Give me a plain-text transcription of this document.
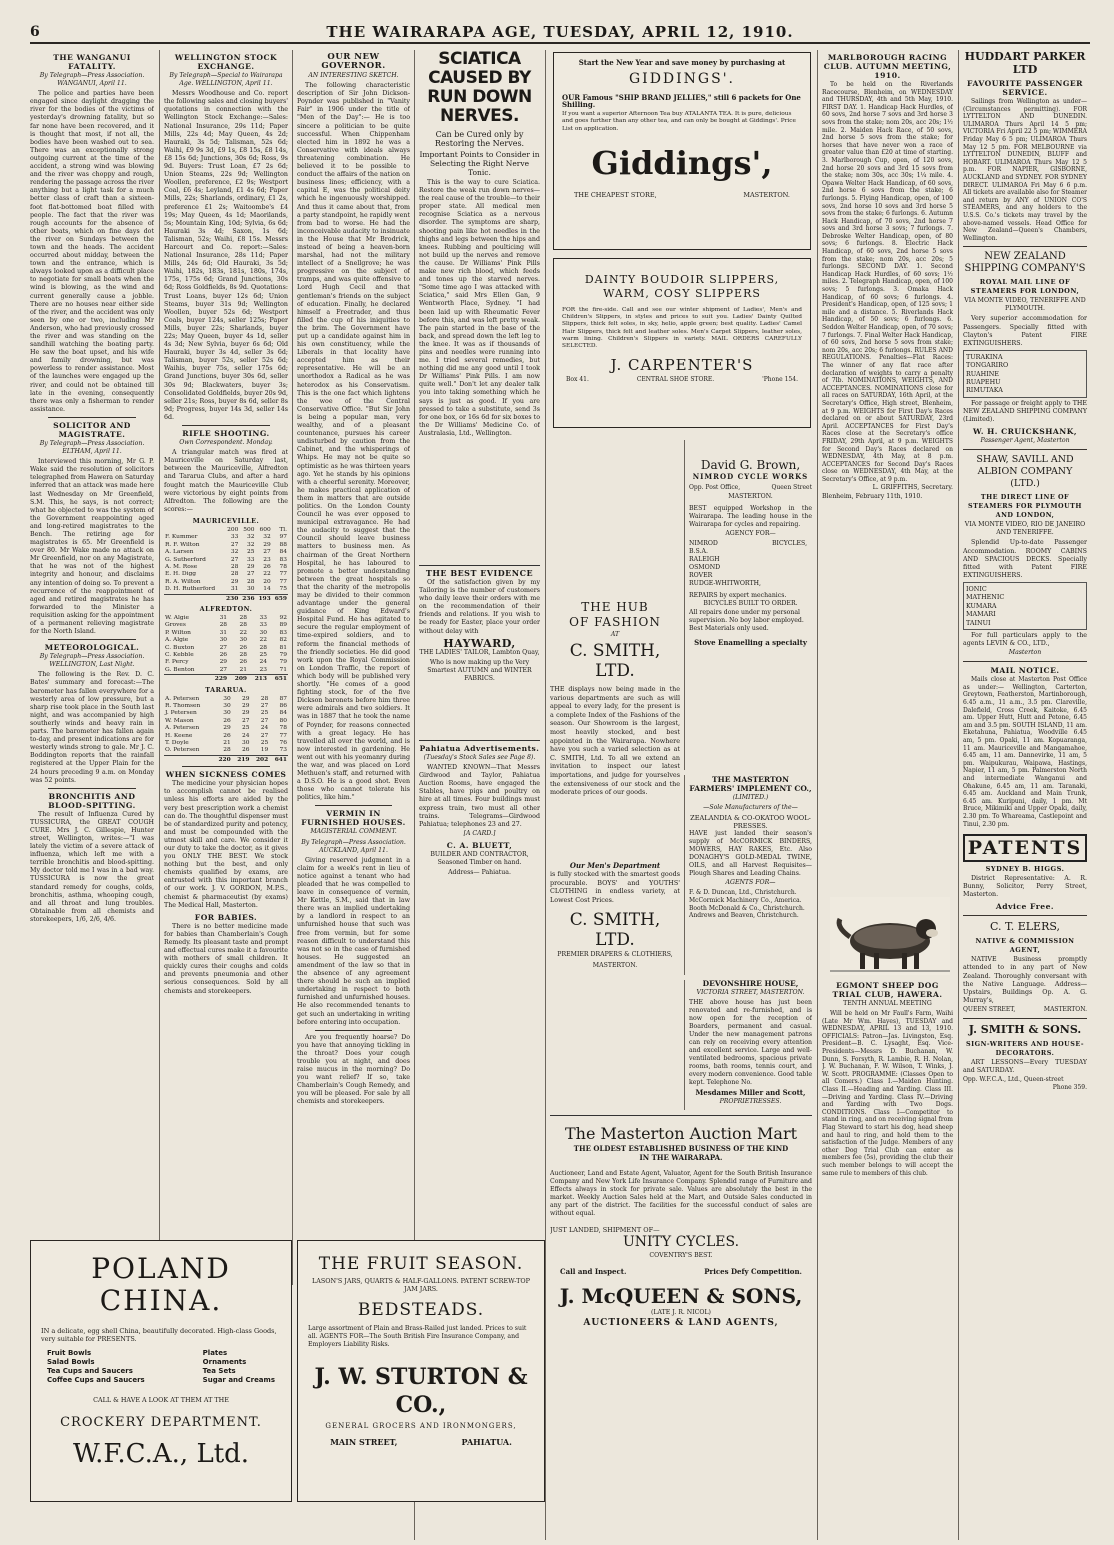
6	THE WAIRARAPA AGE, TUESDAY, APRIL 12, 1910.
THE WANGANUI FATALITY.
By Telegraph—Press Association. WANGANUI, April 11.
The police and parties have been engaged since daylight dragging the river for the bodies of the victims of yesterday's drowning fatality, but so far none have been recovered, and it is thought that most, if not all, the bodies have been washed out to sea. There was an exceptionally strong outgoing current at the time of the accident, a strong wind was blowing and the river was choppy and rough, rendering the passage across the river anything but a light task for a much better class of craft than a sixteen-foot flat-bottomed boat filled with people. The fact that the river was rough accounts for the absence of other boats, which on fine days dot the river on Sundays between the town and the heads. The accident occurred about midday, between the town and the entrance, which is always looked upon as a difficult place to negotiate for small boats when the wind is blowing, as the wind and current generally cause a jobble. There are no houses near either side of the river, and the accident was only seen by one or two, including Mr Anderson, who had previously crossed the river and was standing on the sandhill watching the boating party. He saw the boat upset, and his wife and family drowning, but was powerless to render assistance. Most of the launches were engaged up the river, and could not be obtained till late in the evening, consequently there was only a fisherman to render assistance.
SOLICITOR AND MAGISTRATE.
By Telegraph—Press Association. ELTHAM, April 11.
Interviewed this morning, Mr G. P. Wake said the resolution of solicitors telegraphed from Hawera on Saturday inferred that an attack was made here last Wednesday on Mr Greenfield, S.M. This, he says, is not correct; what he objected to was the system of the Government reappointing aged and long-retired magistrates to the Bench. The retiring age for magistrates is 65. Mr Greenfield is over 80. Mr Wake made no attack on Mr Greenfield, nor on any Magistrate, that he was not of the highest integrity and honour, and disclaims any intention of doing so. To prevent a recurrence of the reappointment of aged and retired magistrates he has forwarded to the Minister a requisition asking for the appointment of a permanent relieving magistrate for the North Island.
METEOROLOGICAL.
By Telegraph—Press Association. WELLINGTON, Last Night.
The following is the Rev. D. C. Bates' summary and forecast:—The barometer has fallen everywhere for a westerly area of low pressure, but a sharp rise took place in the South last night, and was accompanied by high southerly winds and heavy rain in parts. The barometer has fallen again to-day, and present indications are for westerly winds strong to gale. Mr J. C. Boddington reports that the rainfall registered at the Upper Plain for the 24 hours preceding 9 a.m. on Monday was 52 points.
BRONCHITIS AND BLOOD-SPITTING.
The result of Influenza Cured by TUSSICURA, the GREAT COUGH CURE. Mrs J. C. Gillespie, Hunter street, Wellington, writes:—"I was lately the victim of a severe attack of influenza, which left me with a terrible bronchitis and blood-spitting. My doctor told me I was in a bad way. TUSSICURA is now the great standard remedy for coughs, colds, bronchitis, asthma, whooping cough, and all throat and lung troubles. Obtainable from all chemists and storekeepers, 1/6, 2/6, 4/6.
WELLINGTON STOCK EXCHANGE.
By Telegraph—Special to Wairarapa Age. WELLINGTON, April 11.
Messrs Woodhouse and Co. report the following sales and closing buyers' quotations in connection with the Wellington Stock Exchange:—Sales: National Insurance, 29s 11d; Paper Mills, 22s 4d; May Queen, 4s 2d; Hauraki, 3s 5d; Talisman, 52s 6d; Waihi, £9 9s 3d, £9 1s, £8 15s, £8 14s, £8 15s 6d; Junctions, 30s 6d; Ross, 9s 9d. Buyers: Trust Loan, £7 2s 6d; Union Steams, 22s 9d; Wellington Woollen, preference, £2 9s; Westport Coal, £6 4s; Leyland, £1 4s 6d; Paper Mills, 22s; Sharlands, ordinary, £1 2s, preference £1 2s; Waitoombe's £4 19s; May Queen, 4s 1d; Maorilands, 5s; Mountain King, 10d; Sylvia, 6s 6d; Hauraki 3s 4d; Saxon, 1s 6d; Talisman, 52s; Waihi, £8 15s. Messrs Harcourt and Co. report:—Sales: National Insurance, 28s 11d; Paper Mills, 24s 6d; Old Hauraki, 3s 5d; Waihi, 182s, 183s, 181s, 180s, 174s, 175s, 175s 6d; Grand Junctions, 30s 6d; Ross Goldfields, 8s 9d. Quotations: Trust Loans, buyer 12s 6d; Union Steams, buyer 31s 9d; Wellington Woollen, buyer 52s 6d; Westport Coals, buyer 124s, seller 125s; Paper Mills, buyer 22s; Sharlands, buyer 22s; May Queen, buyer 4s 1d, seller 4s 3d; New Sylvia, buyer 6s 6d; Old Hauraki, buyer 3s 4d, seller 3s 6d; Talisman, buyer 52s, seller 52s 6d; Waihis, buyer 75s, seller 175s 6d; Grand Junctions, buyer 30s 6d, seller 30s 9d; Blackwaters, buyer 3s; Consolidated Goldfields, buyer 20s 9d, seller 21s; Ross, buyer 8s 6d, seller 8s 9d; Progress, buyer 14s 3d, seller 14s 6d.
RIFLE SHOOTING.
Own Correspondent. Monday.
A triangular match was fired at Mauriceville on Saturday last, between the Mauriceville, Alfredton and Tararua Clubs, and after a hard fought match the Mauriceville Club were victorious by eight points from Alfredton. The following are the scores:—
MAURICEVILLE.
	200	500	600	Tl.
F. Kummer	33	32	32	97
R. F. Wilton	27	32	29	88
A. Larsen	32	25	27	84
G. Sutherford	27	33	23	83
A. M. Rose	28	29	26	78
E. H. Digg	28	27	22	77
R. A. Wilton	29	28	20	77
D. H. Rutherford	31	30	14	75
	230	236	193	659
ALFREDTON.
W. Algie	31	28	33	92
Groves	28	28	33	89
P. Wilton	31	22	30	83
A. Algie	30	30	22	82
C. Buxton	27	26	28	81
C. Kebble	26	28	25	79
F. Percy	29	26	24	79
G. Benton	27	21	23	71
	229	209	213	651
TARARUA.
A. Petersen	30	29	28	87
R. Thomsen	30	29	27	86
J. Petersen	30	29	25	84
W. Mason	26	27	27	80
A. Petersen	29	25	24	78
H. Keene	26	24	27	77
T. Doyle	21	30	25	76
O. Petersen	28	26	19	73
	220	219	202	641
WHEN SICKNESS COMES
The medicine your physician hopes to accomplish cannot be realised unless his efforts are aided by the very best prescription work a chemist can do. The thoughtful dispenser must be of standardized purity and potency, and must be compounded with the utmost skill and care. We consider it our duty to take the doctor, as it gives you ONLY THE BEST. We stock nothing but the best, and only chemists qualified by exams, are entrusted with this important branch of our work. J. V. GORDON, M.P.S., chemist & pharmaceutist (by exams) The Medical Hall, Masterton.
FOR BABIES.
There is no better medicine made for babies than Chamberlain's Cough Remedy. Its pleasant taste and prompt and effectual cures make it a favourite with mothers of small children. It quickly cures their coughs and colds and prevents pneumonia and other serious consequences. Sold by all chemists and storekeepers.
OUR NEW GOVERNOR.
AN INTERESTING SKETCH.
The following characteristic description of Sir John Dickson-Poynder was published in "Vanity Fair" in 1906 under the title of "Men of the Day":— He is too sincere a politician to be quite successful. When Chippenham elected him in 1892 he was a Conservative with ideals always threatening combination. He believed it to be possible to conduct the affairs of the nation on business lines; efficiency, with a capital E, was the political deity which he ingenuously worshipped. And thus it came about that, from a party standpoint, he rapidly went from bad to worse. He had the inconceivable audacity to insinuate in the House that Mr Brodrick, instead of being a heaven-born marshal, had not the military intellect of a Snellgrove; he was progressive on the subject of tramps, and was quite offensive to Lord Hugh Cecil and that gentleman's friends on the subject of education. Finally, he declared himself a Freetrader, and thus filled the cup of his iniquities to the brim. The Government have put up a candidate against him in his own constituency, while the Liberals in that locality have accepted him as their representative. He will be an unorthodox a Radical as he was heterodox as his Conservatism. This is the one fact which lightens the woe of the Central Conservative Office. "But Sir John is being a popular man, very wealthy, and of a pleasant countenance, pursues his career undisturbed by caution from the Cabinet, and the whisperings of Whips. He may not be quite so optimistic as he was thirteen years ago. Yet he stands by his opinions with a cheerful serenity. Moreover, he makes practical application of them in matters that are outside politics. On the London County Council he was ever opposed to municipal extravagance. He had the audacity to suggest that the Council should leave business matters to business men. As chairman of the Great Northern Hospital, he has laboured to promote a better understanding between the great hospitals so that the charity of the metropolis may be divided to their common advantage under the general guidance of King Edward's Hospital Fund. He has agitated to secure the regular employment of time-expired soldiers, and to reform the financial methods of the friendly societies. He did good work upon the Royal Commission on London Traffic, the report of which body will be published very shortly. "He comes of a good fighting stock, for of the five Dickson baronets before him three were admirals and two soldiers. It was in 1887 that he took the name of Poynder, for reasons connected with a great legacy. He has travelled all over the world, and is now interested in gardening. He went out with his yeomanry during the war, and was placed on Lord Methuen's staff, and returned with a D.S.O. He is a good shot. Even those who cannot tolerate his politics, like him."
VERMIN IN FURNISHED HOUSES.
MAGISTERIAL COMMENT.
By Telegraph—Press Association. AUCKLAND, April 11.
Giving reserved judgment in a claim for a week's rent in lieu of notice against a tenant who had pleaded that he was compelled to leave in consequence of vermin, Mr Kettle, S.M., said that in law there was an implied undertaking by a landlord in respect to an unfurnished house that such was free from vermin, but for some reason difficult to understand this was not so in the case of furnished houses. He suggested an amendment of the law so that in the absence of any agreement there should be such an implied undertaking in respect to both furnished and unfurnished houses. He also recommended tenants to get such an undertaking in writing before entering into occupation.
Are you frequently hoarse? Do you have that annoying tickling in the throat? Does your cough trouble you at night, and does raise mucus in the morning? Do you want relief? If so, take Chamberlain's Cough Remedy, and you will be pleased. For sale by all chemists and storekeepers.
SCIATICA CAUSED BY RUN DOWN NERVES.
Can be Cured only by Restoring the Nerves.
Important Points to Consider in Selecting the Right Nerve Tonic.
This is the way to cure Sciatica. Restore the weak run down nerves—the real cause of the trouble—to their proper state. All medical men recognise Sciatica as a nervous disorder. The symptoms are sharp, shooting pain like hot needles in the thighs and legs between the hips and knees. Rubbing and poulticing will not build up the nerves and remove the cause. Dr Williams' Pink Pills make new rich blood, which feeds and tones up the starved nerves. "Some time ago I was attacked with Sciatica," said Mrs Ellen Gan, 9 Wentworth Place, Sydney. "I had been laid up with Rheumatic Fever before this, and was left pretty weak. The pain started in the base of the back, and spread down the left leg to the knee. It was as if thousands of pins and needles were running into me. I tried several remedies, but nothing did me any good until I took Dr Williams' Pink Pills. I am now quite well." Don't let any dealer talk you into taking something which he says is just as good. If you are pressed to take a substitute, send 3s for one box, or 16s 6d for six boxes to the Dr Williams' Medicine Co. of Australasia, Ltd., Wellington.
THE BEST EVIDENCE
Of the satisfaction given by my Tailoring is the number of customers who daily leave their orders with me on the recommendation of their friends and relations. If you wish to be ready for Easter, place your order without delay with
HAYWARD,
THE LADIES' TAILOR, Lambton Quay,
Who is now making up the Very Smartest AUTUMN and WINTER FABRICS.
Pahiatua Advertisements.
(Tuesday's Stock Sales see Page 8).
WANTED KNOWN—That Messrs Girdwood and Taylor, Pahiatua Auction Rooms, have engaged the Stables, have pigs and poultry on hire at all times. Four buildings must express train, two must all other trains. Telegrams—Girdwood Pahiatua; telephones 23 and 27.
[A CARD.]
C. A. BLUETT,
BUILDER AND CONTRACTOR, Seasoned Timber on hand.
Address— Pahiatua.
Start the New Year and save money by purchasing at
GIDDINGS'.
OUR Famous "SHIP BRAND JELLIES," still 6 packets for One Shilling.
If you want a superior Afternoon Tea buy ATALANTA TEA. It is pure, delicious and goes further than any other tea, and can only be bought at Giddings'. Price List on application.
Giddings',
THE CHEAPEST STORE,	MASTERTON.
DAINTY BOUDOIR SLIPPERS, WARM, COSY SLIPPERS
FOR the fire-side. Call and see our winter shipment of Ladies', Men's and Children's Slippers, in styles and prices to suit you. Ladies' Dainty Quilted Slippers, thick felt soles, in sky, helio, apple green; best quality. Ladies' Camel Hair Slippers, thick felt and leather soles. Men's Carpet Slippers, leather soles, warm lining. Children's Slippers in variety. MAIL ORDERS CAREFULLY SELECTED.
J. CARPENTER'S
Box 41.	CENTRAL SHOE STORE.	'Phone 154.
THE HUB
OF FASHION
AT
C. SMITH, LTD.
THE displays now being made in the various departments are such as will appeal to every lady, for the present is a complete Index of the Fashions of the season. Our Showroom is the largest, most heavily stocked, and best appointed in the Wairarapa. Nowhere have you such a varied selection as at C. SMITH, Ltd. To all we extend an invitation to inspect our latest importations, and judge for yourselves the extensiveness of our stock and the moderate prices of our goods.
Our Men's Department
is fully stocked with the smartest goods procurable. BOYS' and YOUTHS' CLOTHING in endless variety, at Lowest Cost Prices.
C. SMITH, LTD.
PREMIER DRAPERS & CLOTHIERS,
MASTERTON.
David G. Brown,
NIMROD CYCLE WORKS
Opp. Post Office,	Queen Street
MASTERTON.
BEST equipped Workshop in the Wairarapa. The leading house in the Wairarapa for cycles and repairing.
AGENCY FOR—
NIMROD
B.S.A.
RALEIGH
OSMOND
ROVER
RUDGE-WHITWORTH,
BICYCLES,
REPAIRS by expert mechanics.
BICYCLES BUILT TO ORDER.
All repairs done under my personal supervision. No boy labor employed. Best Materials only used.
Stove Enamelling a specialty
THE MASTERTON FARMERS' IMPLEMENT CO.,
(LIMITED.)
—Sole Manufacturers of the—
ZEALANDIA & CO-OKATOO WOOL-PRESSES.
HAVE just landed their season's supply of McCORMICK BINDERS, MOWERS, HAY RAKES, Etc. Also DONAGHY'S GOLD-MEDAL TWINE, OILS, and all Harvest Requisites—Plough Shares and Leading Chains.
AGENTS FOR—
F. & D. Duncan, Ltd., Christchurch. McCormick Machinery Co., America. Booth McDonald & Co., Christchurch. Andrews and Beaven, Christchurch.
DEVONSHIRE HOUSE,
VICTORIA STREET, MASTERTON.
THE above house has just been renovated and re-furnished, and is now open for the reception of Boarders, permanent and casual. Under the new management patrons can rely on receiving every attention and excellent service. Large and well-ventilated bedrooms, spacious private rooms, bath rooms, tennis court, and every modern convenience. Good table kept. Telephone No.
Mesdames Miller and Scott,
PROPRIETRESSES.
The Masterton Auction Mart
THE OLDEST ESTABLISHED BUSINESS OF THE KIND IN THE WAIRARAPA.
Auctioneer, Land and Estate Agent, Valuator, Agent for the South British Insurance Company and New York Life Insurance Company. Splendid range of Furniture and Effects always in stock for private sale. Values are absolutely the best in the market. Weekly Auction Sales held at the Mart, and Outside Sales conducted in any part of the district. The facilities for the successful conduct of sales are without equal.
JUST LANDED, SHIPMENT OF—
UNITY CYCLES.
COVENTRY'S BEST.
Call and Inspect.	Prices Defy Competition.
J. McQUEEN & SONS,
(LATE J. R. NICOL)
AUCTIONEERS & LAND AGENTS,
MARLBOROUGH RACING CLUB. AUTUMN MEETING, 1910.
To be held on the Riverlands Racecourse, Blenheim, on WEDNESDAY and THURSDAY, 4th and 5th May, 1910. FIRST DAY. 1. Handicap Hack Hurdles, of 60 sovs, 2nd horse 7 sovs and 3rd horse 3 sovs from the stake; nom 20s, acc 20s; 1½ mile. 2. Maiden Hack Race, of 50 sovs, 2nd horse 5 sovs from the stake; for horses that have never won a race of greater value than £20 at time of starting. 3. Marlborough Cup, open, of 120 sovs, 2nd horse 20 sovs and 3rd 15 sovs from the stake; nom 30s, acc 30s; 1¼ mile. 4. Opawa Welter Hack Handicap, of 60 sovs, 2nd horse 6 sovs from the stake; 6 furlongs. 5. Flying Handicap, open, of 100 sovs, 2nd horse 10 sovs and 3rd horse 5 sovs from the stake; 6 furlongs. 6. Autumn Hack Handicap, of 70 sovs, 2nd horse 7 sovs and 3rd horse 3 sovs; 7 furlongs. 7. Debroske Welter Handicap, open, of 80 sovs; 6 furlongs. 8. Electric Hack Handicap, of 60 sovs, 2nd horse 5 sovs from the stake; nom 20s, acc 20s; 5 furlongs. SECOND DAY. 1. Second Handicap Hack Hurdles, of 60 sovs; 1½ miles. 2. Telegraph Handicap, open, of 100 sovs; 5 furlongs. 3. Omaka Hack Handicap, of 60 sovs; 6 furlongs. 4. President's Handicap, open, of 125 sovs; 1 mile and a distance. 5. Riverlands Hack Handicap, of 50 sovs; 6 furlongs. 6. Seddon Welter Handicap, open, of 70 sovs; 7 furlongs. 7. Final Welter Hack Handicap, of 60 sovs, 2nd horse 5 sovs from stake; nom 20s, acc 20s; 6 furlongs. RULES AND REGULATIONS. Penalties—Flat Races: The winner of any flat race after declaration of weights to carry a penalty of 7lb. NOMINATIONS, WEIGHTS, AND ACCEPTANCES. NOMINATIONS close for all races on SATURDAY, 16th April, at the Secretary's Office, High street, Blenheim, at 9 p.m. WEIGHTS for First Day's Races declared on or about SATURDAY, 23rd April. ACCEPTANCES for First Day's Races close at the Secretary's office FRIDAY, 29th April, at 9 p.m. WEIGHTS for Second Day's Races declared on WEDNESDAY, 4th May, at 8 p.m. ACCEPTANCES for Second Day's Races close on WEDNESDAY, 4th May, at the Secretary's Office, at 9 p.m.
L. GRIFFITHS, Secretary.
Blenheim, February 11th, 1910.
EGMONT SHEEP DOG TRIAL CLUB, HAWERA.
TENTH ANNUAL MEETING
Will be held on Mr Faull's Farm, Waihi (Late Mr Wm. Hayes), TUESDAY and WEDNESDAY, APRIL 13 and 13, 1910. OFFICIALS: Patron—Jas. Livingston, Esq. President—B. C. Lysaght, Esq. Vice-Presidents—Messrs D. Buchanan, W. Dunn, S. Forsyth, R. Lambie, R. H. Nolan, J. W. Buchanan, F. W. Wilson, T. Winks, J. W. Scott. PROGRAMME: (Classes Open to all Comers.) Class I.—Maiden Hunting. Class II.—Heading and Yarding. Class III.—Driving and Yarding. Class IV.—Driving and Yarding with Two Dogs. CONDITIONS. Class I—Competitor to stand in ring, and on receiving signal from Flag Steward to start his dog, head sheep and haul to ring, and hold them to the satisfaction of the Judge. Members of any other Dog Trial Club can enter as members fee (5s), providing the club their such member belongs to will accept the same rule to members of this club.
HUDDART PARKER LTD
FAVOURITE PASSENGER SERVICE.
Sailings from Wellington as under—(Circumstances permitting). FOR LYTTELTON AND DUNEDIN. ULIMAROA Thurs April 14 5 pm; VICTORIA Fri April 22 5 pm; WIMMERA Friday May 6 5 pm; ULIMAROA Thurs May 12 5 pm. FOR MELBOURNE via LYTTELTON DUNEDIN, BLUFF and HOBART. ULIMAROA Thurs May 12 5 p.m. FOR NAPIER, GISBORNE, AUCKLAND and SYDNEY. FOR SYDNEY DIRECT. ULIMAROA Fri May 6 6 p.m. All tickets are available also for Steamer and return by ANY of UNION CO'S STEAMERS, and any holders to the U.S.S. Co.'s tickets may travel by the above-named vessels. Head Office for New Zealand—Queen's Chambers, Wellington.
NEW ZEALAND SHIPPING COMPANY'S
ROYAL MAIL LINE OF STEAMERS FOR LONDON,
VIA MONTE VIDEO, TENERIFFE AND PLYMOUTH.
Very superior accommodation for Passengers. Specially fitted with Clayton's Patent FIRE EXTINGUISHERS.
TURAKINA
TONGARIRO
RUAHINE
RUAPEHU
RIMUTAKA
For passage or freight apply to THE NEW ZEALAND SHIPPING COMPANY (Limited).
W. H. CRUICKSHANK,
Passenger Agent, Masterton
SHAW, SAVILL AND ALBION COMPANY (LTD.)
THE DIRECT LINE OF STEAMERS FOR PLYMOUTH AND LONDON,
VIA MONTE VIDEO, RIO DE JANEIRO AND TENERIFFE.
Splendid Up-to-date Passenger Accommodation. ROOMY CABINS AND SPACIOUS DECKS. Specially fitted with Patent FIRE EXTINGUISHERS.
IONIC
MATHENIC
KUMARA
MAMARI
TAINUI
For full particulars apply to the agents LEVIN & CO., LTD.,
Masterton
MAIL NOTICE.
Mails close at Masterton Post Office as under:— Wellington, Carterton, Greytown, Featherston, Martinborough, 6.45 a.m., 11 a.m., 3.5 pm. Clareville, Dalefield, Cross Creek, Kaitoke, 6.45 am. Upper Hutt, Hutt and Petone, 6.45 am and 3.5 pm. SOUTH ISLAND, 11 am. Eketahuna, Pahiatua, Woodville 6.45 am, 5 pm. Opaki, 11 am. Kopuaranga, 11 am. Mauriceville and Mangamahoe, 6.45 am, 11 am. Dannevirke, 11 am, 5 pm. Waipukurau, Waipawa, Hastings, Napier, 11 am, 5 pm. Palmerston North and intermediate Wanganui and Ohakune, 6.45 am, 11 am. Taranaki, 6.45 am. Auckland and Main Trunk, 6.45 am. Kuripuni, daily, 1 pm. Mt Bruce, Mikimiki and Upper Opaki, daily, 2.30 pm. To Whareama, Castlepoint and Tinui, 2.30 pm.
PATENTS
SYDNEY B. HIGGS.
District Representative: A. R. Bunny, Solicitor, Perry Street, Masterton.
Advice Free.
C. T. ELERS,
NATIVE & COMMISSION AGENT,
NATIVE Business promptly attended to in any part of New Zealand. Thoroughly conversant with the Native Language. Address—Upstairs, Buildings Op. A. G. Murray's,
QUEEN STREET,	MASTERTON.
J. SMITH & SONS.
SIGN-WRITERS AND HOUSE-DECORATORS.
ART LESSONS—Every TUESDAY and SATURDAY.
Opp. W.F.C.A., Ltd., Queen-street
Phone 359.
POLAND CHINA.
IN a delicate, egg shell China, beautifully decorated. High-class Goods, very suitable for PRESENTS.
Fruit Bowls
Salad Bowls
Tea Cups and Saucers
Coffee Cups and Saucers
Plates
Ornaments
Tea Sets
Sugar and Creams
CALL & HAVE A LOOK AT THEM AT THE
CROCKERY DEPARTMENT.
W.F.C.A., Ltd.
THE FRUIT SEASON.
LASON'S JARS, QUARTS & HALF-GALLONS. PATENT SCREW-TOP JAM JARS.
BEDSTEADS.
Large assortment of Plain and Brass-Railed just landed. Prices to suit all. AGENTS FOR—The South British Fire Insurance Company, and Employers Liability Risks.
J. W. STURTON & CO.,
GENERAL GROCERS AND IRONMONGERS,
MAIN STREET,	PAHIATUA.
